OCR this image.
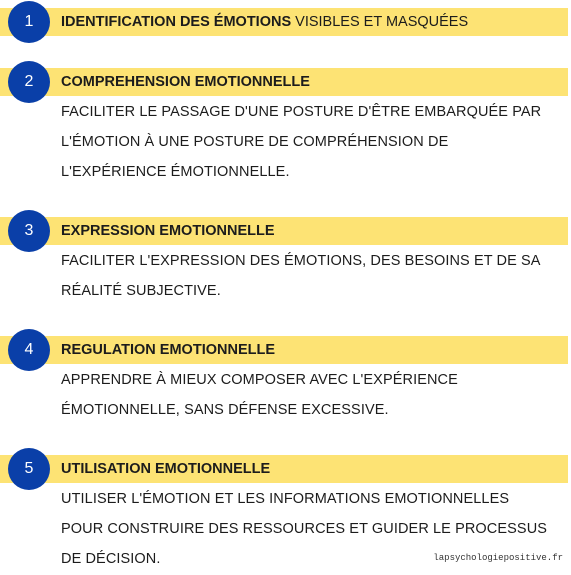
1 IDENTIFICATION DES ÉMOTIONS VISIBLES ET MASQUÉES
2 COMPREHENSION EMOTIONNELLE
FACILITER LE PASSAGE D'UNE POSTURE D'ÊTRE EMBARQUÉE PAR
L'ÉMOTION À UNE POSTURE DE COMPRÉHENSION DE
L'EXPÉRIENCE ÉMOTIONNELLE.
3 EXPRESSION EMOTIONNELLE
FACILITER L'EXPRESSION DES ÉMOTIONS, DES BESOINS ET DE SA
RÉALITÉ SUBJECTIVE.
4 REGULATION EMOTIONNELLE
APPRENDRE À MIEUX COMPOSER AVEC L'EXPÉRIENCE
ÉMOTIONNELLE, SANS DÉFENSE EXCESSIVE.
5 UTILISATION EMOTIONNELLE
UTILISER L'ÉMOTION ET LES INFORMATIONS EMOTIONNELLES
POUR CONSTRUIRE DES RESSOURCES ET GUIDER LE PROCESSUS
DE DÉCISION.	lapsychologiepositive.fr
